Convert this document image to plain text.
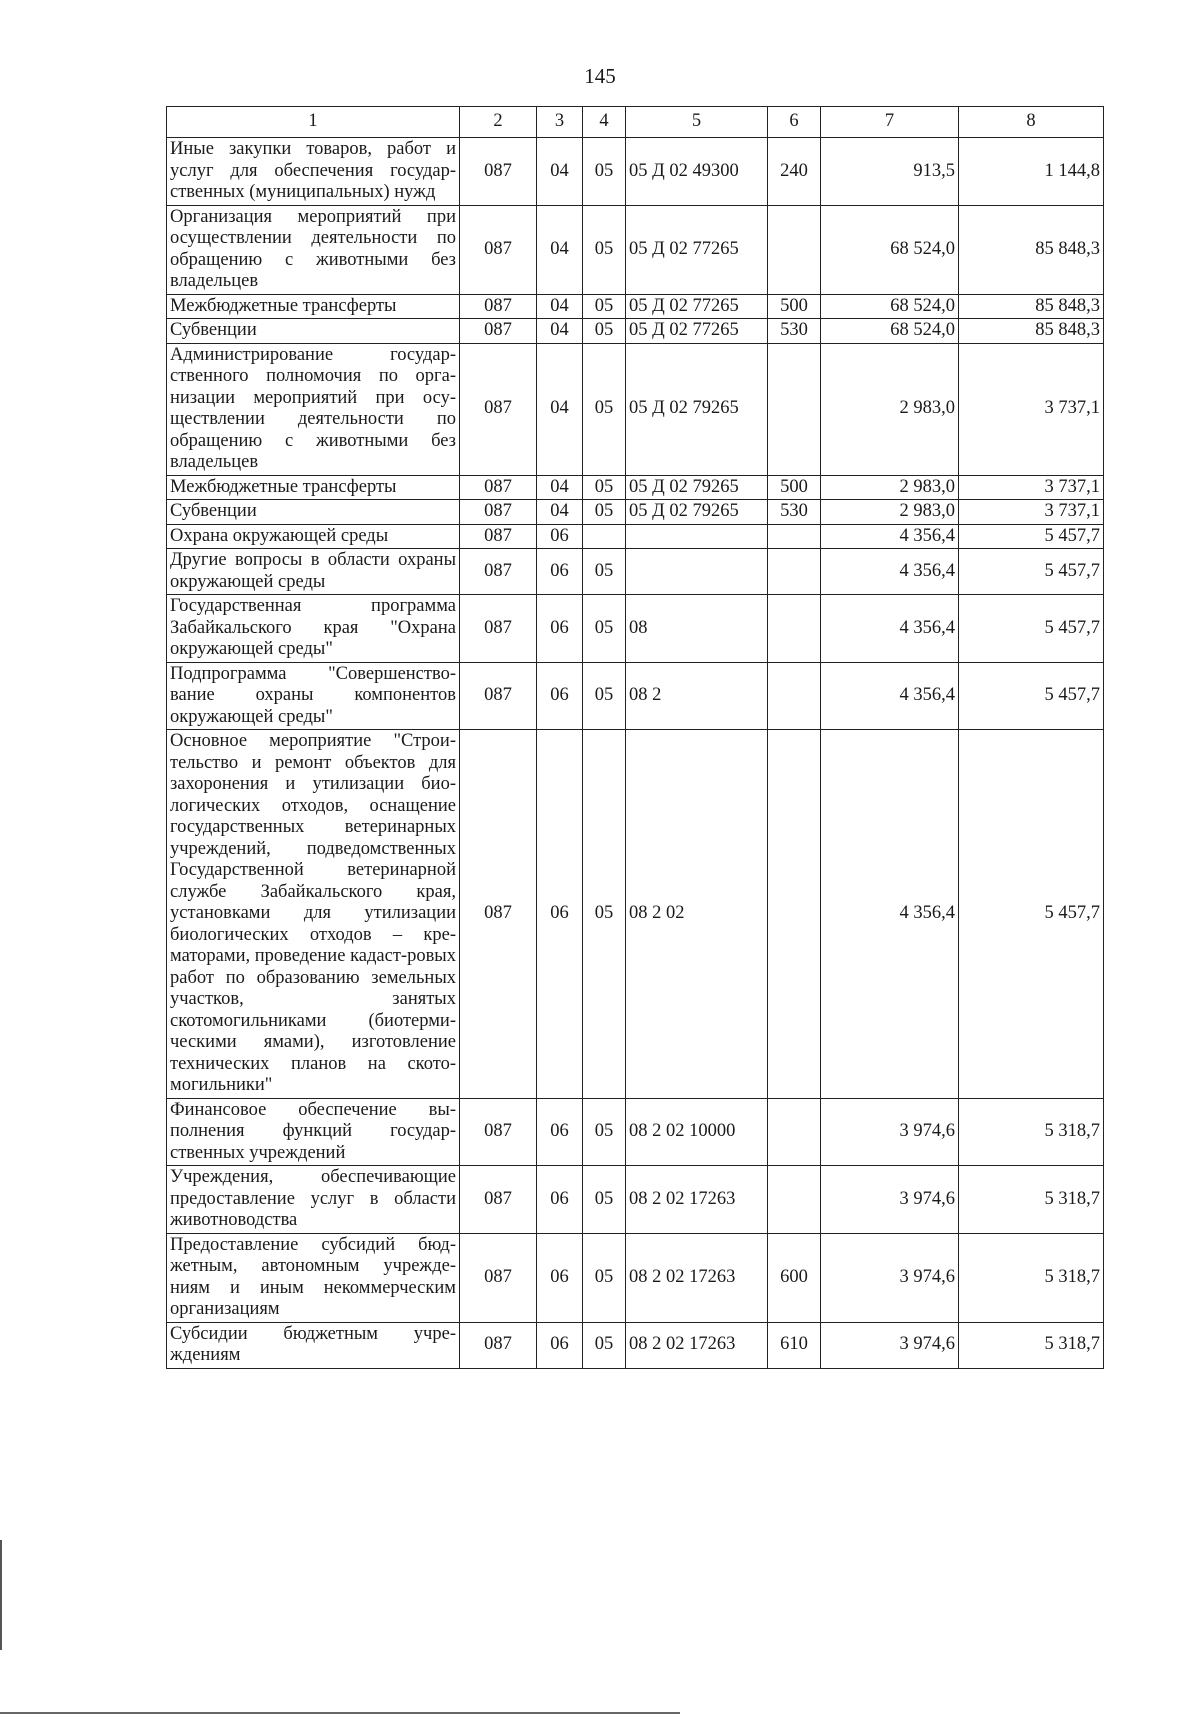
145
1	2	3	4	5	6	7	8
Иные закупки товаров, работ и услуг для обеспечения государ-ственных (муниципальных) нужд	087	04	05	05 Д 02 49300	240	913,5	1 144,8
Организация мероприятий при осуществлении деятельности по обращению с животными без владельцев	087	04	05	05 Д 02 77265		68 524,0	85 848,3
Межбюджетные трансферты	087	04	05	05 Д 02 77265	500	68 524,0	85 848,3
Субвенции	087	04	05	05 Д 02 77265	530	68 524,0	85 848,3
Администрирование государ-ственного полномочия по орга-низации мероприятий при осу-ществлении деятельности по обращению с животными без владельцев	087	04	05	05 Д 02 79265		2 983,0	3 737,1
Межбюджетные трансферты	087	04	05	05 Д 02 79265	500	2 983,0	3 737,1
Субвенции	087	04	05	05 Д 02 79265	530	2 983,0	3 737,1
Охрана окружающей среды	087	06				4 356,4	5 457,7
Другие вопросы в области охраны окружающей среды	087	06	05			4 356,4	5 457,7
Государственная программа Забайкальского края "Охрана окружающей среды"	087	06	05	08		4 356,4	5 457,7
Подпрограмма "Совершенство-вание охраны компонентов окружающей среды"	087	06	05	08 2		4 356,4	5 457,7
Основное мероприятие "Строи-тельство и ремонт объектов для захоронения и утилизации био-логических отходов, оснащение государственных ветеринарных учреждений, подведомственных Государственной ветеринарной службе Забайкальского края, установками для утилизации биологических отходов – кре-маторами, проведение кадаст-ровых работ по образованию земельных участков, занятых скотомогильниками (биотерми-ческими ямами), изготовление технических планов на ското-могильники"	087	06	05	08 2 02		4 356,4	5 457,7
Финансовое обеспечение вы-полнения функций государ-ственных учреждений	087	06	05	08 2 02 10000		3 974,6	5 318,7
Учреждения, обеспечивающие предоставление услуг в области животноводства	087	06	05	08 2 02 17263		3 974,6	5 318,7
Предоставление субсидий бюд-жетным, автономным учрежде-ниям и иным некоммерческим организациям	087	06	05	08 2 02 17263	600	3 974,6	5 318,7
Субсидии бюджетным учре-ждениям	087	06	05	08 2 02 17263	610	3 974,6	5 318,7
